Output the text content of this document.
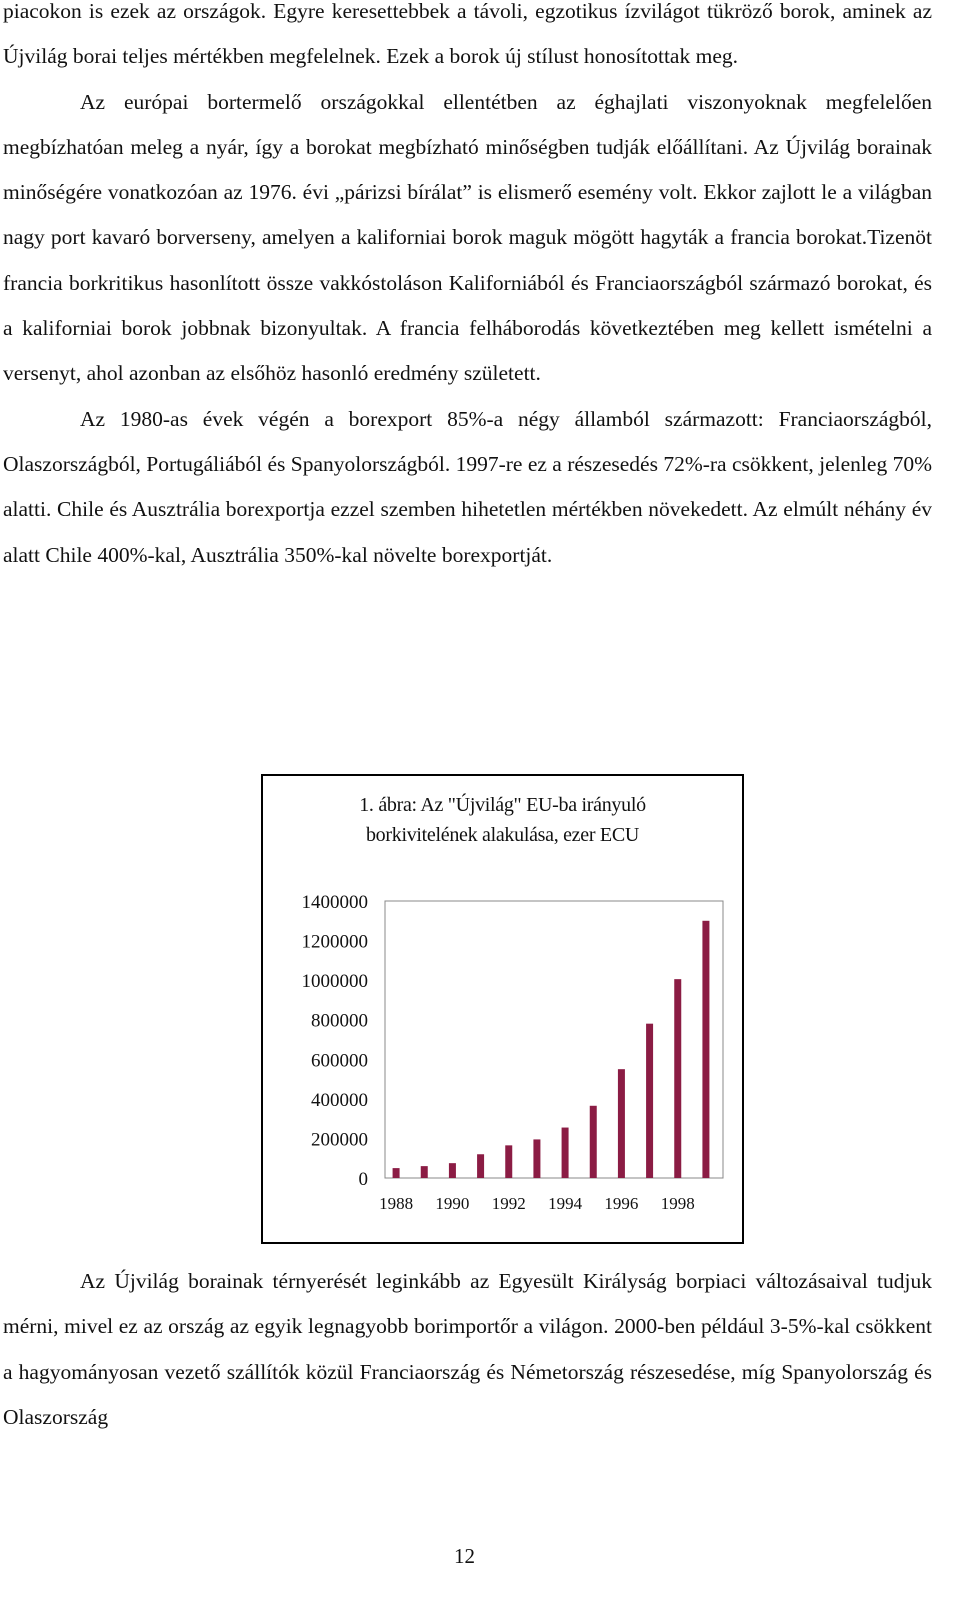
piacokon is ezek az országok. Egyre keresettebbek a távoli, egzotikus ízvilágot tükröző borok, aminek az Újvilág borai teljes mértékben megfelelnek. Ezek a borok új stílust honosítottak meg.

Az európai bortermelő országokkal ellentétben az éghajlati viszonyoknak megfelelően megbízhatóan meleg a nyár, így a borokat megbízható minőségben tudják előállítani. Az Újvilág borainak minőségére vonatkozóan az 1976. évi „párizsi bírálat” is elismerő esemény volt. Ekkor zajlott le a világban nagy port kavaró borverseny, amelyen a kaliforniai borok maguk mögött hagyták a francia borokat.Tizenöt francia borkritikus hasonlított össze vakkóstoláson Kaliforniából és Franciaországból származó borokat, és a kaliforniai borok jobbnak bizonyultak. A francia felháborodás következtében meg kellett ismételni a versenyt, ahol azonban az elsőhöz hasonló eredmény született.

Az 1980-as évek végén a borexport 85%-a négy államból származott: Franciaországból, Olaszországból, Portugáliából és Spanyolországból. 1997-re ez a részesedés 72%-ra csökkent, jelenleg 70% alatti. Chile és Ausztrália borexportja ezzel szemben hihetetlen mértékben növekedett. Az elmúlt néhány év alatt Chile 400%-kal, Ausztrália 350%-kal növelte borexportját.

1. ábra: Az "Újvilág" EU-ba irányuló
borkivitelének alakulása, ezer ECU
0
200000
400000
600000
800000
1000000
1200000
1400000
1988 1990 1992 1994 1996 1998
Az Újvilág borainak térnyerését leginkább az Egyesült Királyság borpiaci változásaival tudjuk mérni, mivel ez az ország az egyik legnagyobb borimportőr a világon. 2000-ben például 3-5%-kal csökkent a hagyományosan vezető szállítók közül Franciaország és Németország részesedése, míg Spanyolország és Olaszország
12
